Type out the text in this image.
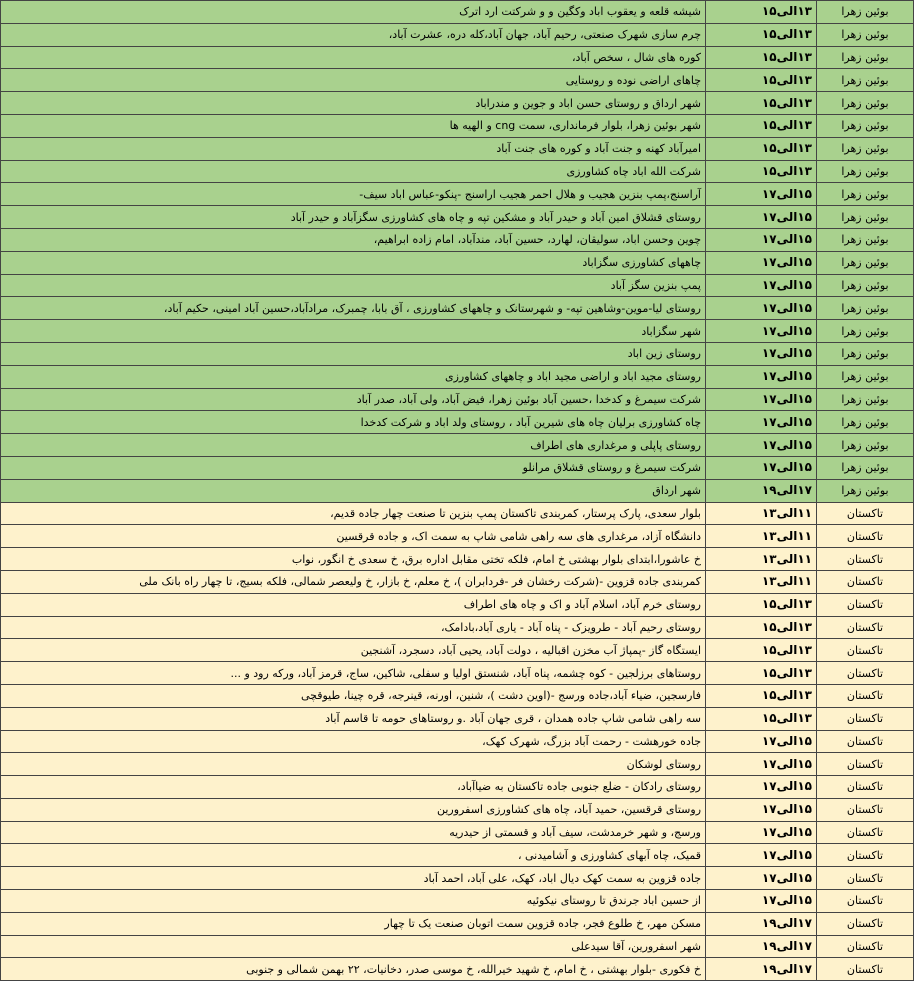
بوئین زهرا	۱۳الی۱۵	شیشه قلعه و یعقوب اباد وکگین و و شرکتت ارد اترک
بوئین زهرا	۱۳الی۱۵	چرم سازی شهرک صنعتی، رحیم آباد، جهان آباد،کله دره، عشرت آباد،
بوئین زهرا	۱۳الی۱۵	کوره های شال ، سخص آباد،
بوئین زهرا	۱۳الی۱۵	چاهای اراضی نوده و روستایی
بوئین زهرا	۱۳الی۱۵	شهر ارداق و روستای حسن اباد و جوین و مندراباد
بوئین زهرا	۱۳الی۱۵	شهر بوئین زهرا، بلوار فرمانداری، سمت cng و الهیه ها
بوئین زهرا	۱۳الی۱۵	امیرآباد کهنه و جنت آباد و کوره های جنت آباد
بوئین زهرا	۱۳الی۱۵	شرکت الله اباد چاه کشاورزی
بوئین زهرا	۱۵الی۱۷	آراسنج،پمپ بنزین هجیب و هلال احمر هجیب اراسنج -پنکو-عباس اباد سیف-
بوئین زهرا	۱۵الی۱۷	روستای قشلاق امین آباد و حیدر آباد و مشکین تپه و چاه های کشاورزی سگزآباد و حیدر آباد
بوئین زهرا	۱۵الی۱۷	چوین وحسن اباد، سولیقان، لهارد، حسین آباد، مندآباد، امام زاده ابراهیم،
بوئین زهرا	۱۵الی۱۷	چاههای کشاورزی سگزاباد
بوئین زهرا	۱۵الی۱۷	پمپ بنزین سگز آباد
بوئین زهرا	۱۵الی۱۷	روستای لیا-موین-وشاهین تپه- و شهرستانک و چاههای کشاورزی ، آق بابا، چمبرک، مرادآباد،حسین آباد امینی، حکیم آباد،
بوئین زهرا	۱۵الی۱۷	شهر سگزاباد
بوئین زهرا	۱۵الی۱۷	روستای زین اباد
بوئین زهرا	۱۵الی۱۷	روستای مجید اباد و اراضی مجید اباد و چاههای کشاورزی
بوئین زهرا	۱۵الی۱۷	شرکت سیمرغ و کدخدا ،حسین آباد بوئین زهرا، فیض آباد، ولی آباد، صدر آباد
بوئین زهرا	۱۵الی۱۷	چاه کشاورزی برلیان چاه های شیرین آباد ، روستای ولد اباد و شرکت کدخدا
بوئین زهرا	۱۵الی۱۷	روستای پاپلی و مرغداری های اطراف
بوئین زهرا	۱۵الی۱۷	شرکت سیمرغ و روستای قشلاق مرانلو
بوئین زهرا	۱۷الی۱۹	شهر ارداق
تاکستان	۱۱الی۱۳	بلوار سعدی، پارک پرستار، کمربندی تاکستان پمپ بنزین تا صنعت چهار جاده قدیم،
تاکستان	۱۱الی۱۳	دانشگاه آزاد، مرغداری های سه راهی شامی شاپ به سمت اک، و جاده قرقسین
تاکستان	۱۱الی۱۳	خ عاشورا،ابتدای بلوار بهشتی خ امام، فلکه تختی مقابل اداره برق، خ سعدی خ انگور، نواب
تاکستان	۱۱الی۱۳	کمربندی جاده قزوین -(شرکت رخشان فر -فردابران )، خ معلم، خ بازار، خ ولیعصر شمالی، فلکه بسیج، تا چهار راه بانک ملی
تاکستان	۱۳الی۱۵	روستای خرم آباد، اسلام آباد و اک و چاه های اطراف
تاکستان	۱۳الی۱۵	روستای رحیم آباد - طرویزک - پناه آباد - یاری آباد،بادامک،
تاکستان	۱۳الی۱۵	ایستگاه گاز -پمپاژ آب مخزن اقبالیه ، دولت آباد، یحیی آباد، دسجرد، آشنجین
تاکستان	۱۳الی۱۵	روستاهای برزلجین - کوه چشمه، پناه آباد، شنستق اولیا و سفلی، شاکین، ساج، قرمز آباد، ورکه رود و ...
تاکستان	۱۳الی۱۵	فارسجین، ضیاء آباد،جاده ورسج -(اوین دشت )، شنین، اورنه، قینرجه، قره چینا، طیوقچی
تاکستان	۱۳الی۱۵	سه راهی شامی شاپ جاده همدان ، قری جهان آباد .و روستاهای حومه تا قاسم آباد
تاکستان	۱۵الی۱۷	جاده خورهشت - رحمت آباد بزرگ، شهرک کهک،
تاکستان	۱۵الی۱۷	روستای لوشکان
تاکستان	۱۵الی۱۷	روستای رادکان - ضلع جنوبی جاده تاکستان به ضیاآباد،
تاکستان	۱۵الی۱۷	روستای قرقسین، حمید آباد، چاه های کشاورزی اسفرورین
تاکستان	۱۵الی۱۷	ورسج، و شهر خرمدشت، سیف آباد و قسمتی از حیدریه
تاکستان	۱۵الی۱۷	قمیک، چاه آبهای کشاورزی و آشامیدنی ،
تاکستان	۱۵الی۱۷	جاده قزوین به سمت کهک دیال اباد، کهک، علی آباد، احمد آباد
تاکستان	۱۵الی۱۷	از حسین اباد جرندق تا روستای نیکوئیه
تاکستان	۱۷الی۱۹	مسکن مهر، خ طلوع فجر، جاده قزوین سمت اتوبان صنعت یک تا چهار
تاکستان	۱۷الی۱۹	شهر اسفرورین، آقا سیدعلی
تاکستان	۱۷الی۱۹	خ فکوری -بلوار بهشتی ، خ امام، خ شهید خیرالله، خ موسی صدر، دخانیات، ۲۲ بهمن شمالی و جنوبی
